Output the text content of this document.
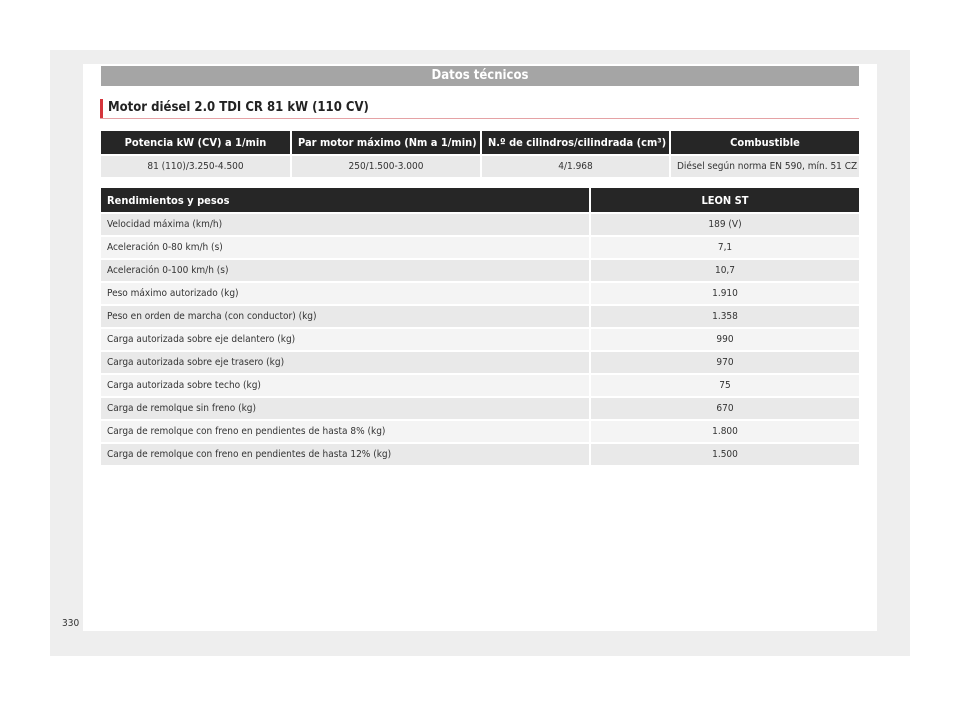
Datos técnicos
Motor diésel 2.0 TDI CR 81 kW (110 CV)
Potencia kW (CV) a 1/min	Par motor máximo (Nm a 1/min)	N.º de cilindros/cilindrada (cm³)	Combustible
81 (110)/3.250-4.500	250/1.500-3.000	4/1.968	Diésel según norma EN 590, mín. 51 CZ
Rendimientos y pesos	LEON ST
Velocidad máxima (km/h)	189 (V)
Aceleración 0-80 km/h (s)	7,1
Aceleración 0-100 km/h (s)	10,7
Peso máximo autorizado (kg)	1.910
Peso en orden de marcha (con conductor) (kg)	1.358
Carga autorizada sobre eje delantero (kg)	990
Carga autorizada sobre eje trasero (kg)	970
Carga autorizada sobre techo (kg)	75
Carga de remolque sin freno (kg)	670
Carga de remolque con freno en pendientes de hasta 8% (kg)	1.800
Carga de remolque con freno en pendientes de hasta 12% (kg)	1.500
330
